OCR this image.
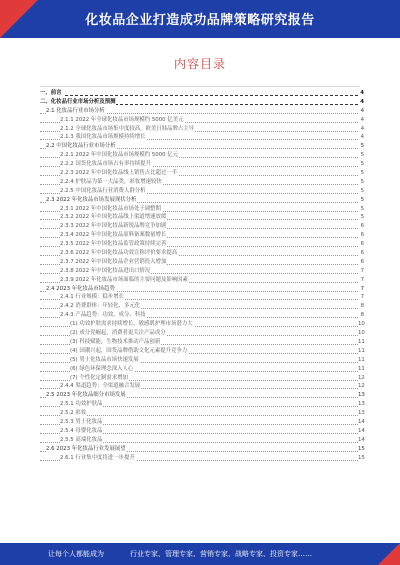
化妆品企业打造成功品牌策略研究报告
内容目录
一、前言	4
二、化妆品行业市场分析及预测	4
2.1 化妆品行业市场分析	4
2.1.1 2022 年全球化妆品市场规模约 5000 亿美元	4
2.1.2 全球化妆品市场集中度较高，欧美日韩品牌占主导	4
2.1.3 我国化妆品市场规模持续增长	4
2.2 中国化妆品行业市场分析	5
2.2.1 2022 年中国化妆品市场规模约 5000 亿元	5
2.2.2 国货化妆品市场占有率持续提升	5
2.2.3 2022 年中国化妆品线上销售占比超过一半	5
2.2.4 护肤品为第一大品类，彩妆增速较快	5
2.2.5 中国化妆品行业消费人群分析	5
2.3 2022 年化妆品市场发展现状分析	5
2.3.1 2022 年中国化妆品市场处于调整期	5
2.3.2 2022 年中国化妆品线上渠道增速放缓	5
2.3.3 2022 年中国化妆品新锐品牌竞争加剧	6
2.3.4 2022 年中国化妆品原料备案数量增长	6
2.3.5 2022 年中国化妆品监管政策持续完善	6
2.3.6 2022 年中国化妆品功效宣称评价要求提高	6
2.3.7 2022 年中国化妆品企业营销投入增加	6
2.3.8 2022 年中国化妆品进出口情况	7
2.3.9 2022 年化妆品市场面临的主要问题及影响因素	7
2.4 2023 年化妆品市场趋势	7
2.4.1 行业规模：稳步增长	7
2.4.2 消费群体：年轻化、多元化	8
2.4.3 产品趋势：功效、成分、科技	8
(1) 功效护肤需求持续增长，敏感肌护理市场潜力大	10
(2) 成分党崛起，消费者更关注产品成分	10
(3) 科技赋能，生物技术推动产品创新	11
(4) 国潮兴起，国货品牌借助文化元素提升竞争力	11
(5) 男士化妆品市场快速发展	11
(6) 绿色环保理念深入人心	11
(7) 个性化定制需求增加	12
2.4.4 渠道趋势：全渠道融合发展	12
2.5 2023 年化妆品细分市场发展	13
2.5.1 功效护肤品	13
2.5.2 彩妆	13
2.5.3 男士化妆品	14
2.5.4 母婴化妆品	14
2.5.5 高端化妆品	14
2.6 2023 年化妆品行业发展展望	15
2.6.1 行业集中度将进一步提升	15
让每个人都能成为	行业专家、管理专家、营销专家、战略专家、投资专家……
